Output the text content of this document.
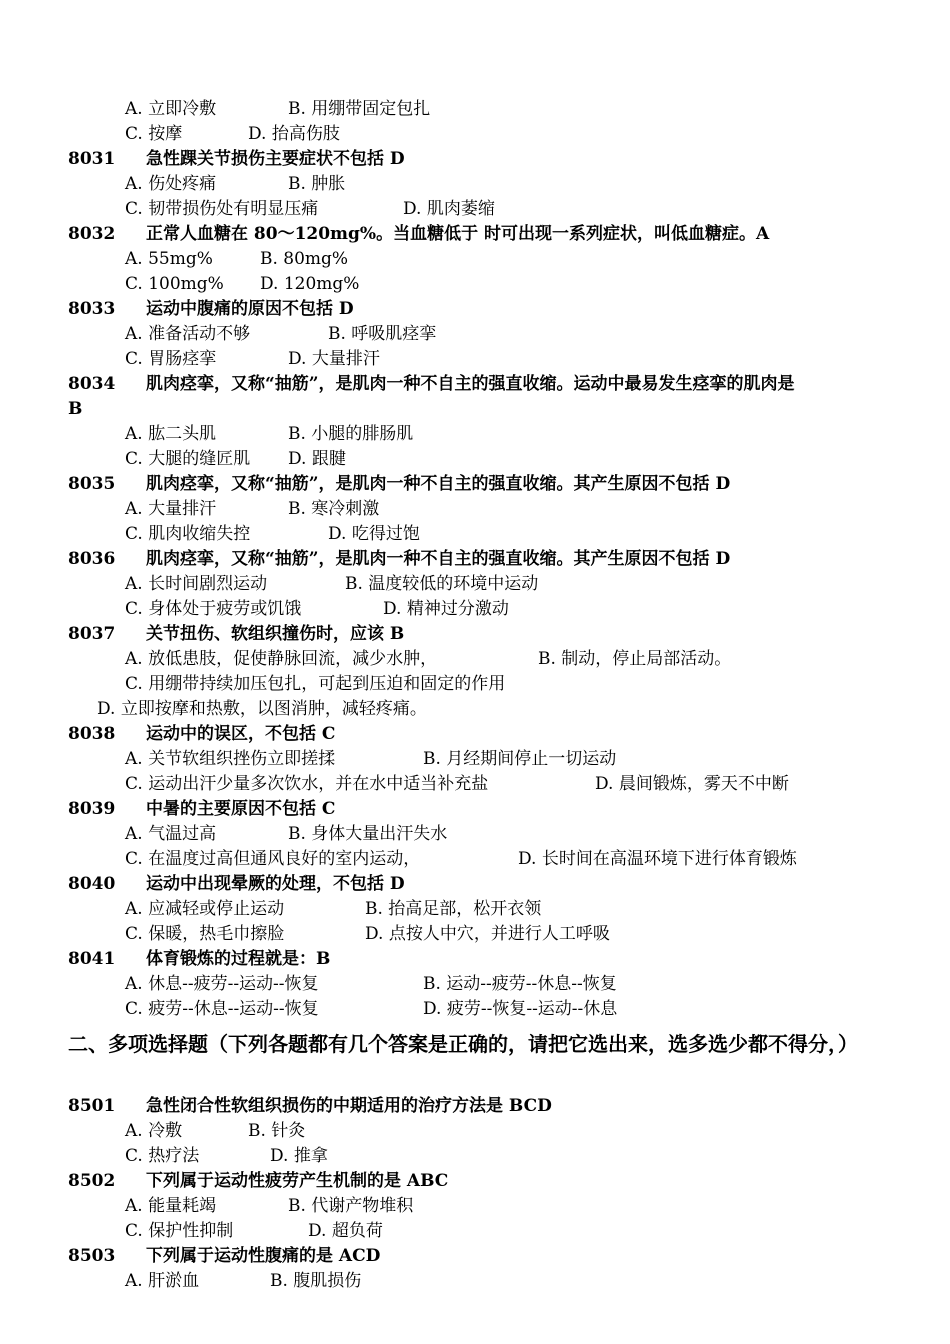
A. 立即冷敷	B. 用绷带固定包扎
C. 按摩	D. 抬高伤肢
8031 急性踝关节损伤主要症状不包括 D
A. 伤处疼痛	B. 肿胀
C. 韧带损伤处有明显压痛	D. 肌肉萎缩
8032 正常人血糖在 80～120mg%。当血糖低于 时可出现一系列症状，叫低血糖症。A
A. 55mg%	B. 80mg%
C. 100mg% D. 120mg%
8033 运动中腹痛的原因不包括 D
A. 准备活动不够	B. 呼吸肌痉挛
C. 胃肠痉挛	D. 大量排汗
8034 肌肉痉挛，又称“抽筋”，是肌肉一种不自主的强直收缩。运动中最易发生痉挛的肌肉是
B
A. 肱二头肌	B. 小腿的腓肠肌
C. 大腿的缝匠肌 D. 跟腱
8035 肌肉痉挛，又称“抽筋”，是肌肉一种不自主的强直收缩。其产生原因不包括 D
A. 大量排汗	B. 寒冷刺激
C. 肌肉收缩失控	D. 吃得过饱
8036 肌肉痉挛，又称“抽筋”，是肌肉一种不自主的强直收缩。其产生原因不包括 D
A. 长时间剧烈运动	B. 温度较低的环境中运动
C. 身体处于疲劳或饥饿	D. 精神过分激动
8037 关节扭伤、软组织撞伤时，应该 B
A. 放低患肢，促使静脉回流，减少水肿，	B. 制动，停止局部活动。
C. 用绷带持续加压包扎，可起到压迫和固定的作用
D. 立即按摩和热敷，以图消肿，减轻疼痛。
8038 运动中的误区，不包括 C
A. 关节软组织挫伤立即搓揉	B. 月经期间停止一切运动
C. 运动出汗少量多次饮水，并在水中适当补充盐	D. 晨间锻炼，雾天不中断
8039 中暑的主要原因不包括 C
A. 气温过高	B. 身体大量出汗失水
C. 在温度过高但通风良好的室内运动，	D. 长时间在高温环境下进行体育锻炼
8040 运动中出现晕厥的处理，不包括 D
A. 应减轻或停止运动	B. 抬高足部，松开衣领
C. 保暖，热毛巾擦脸	D. 点按人中穴，并进行人工呼吸
8041 体育锻炼的过程就是：B
A. 休息--疲劳--运动--恢复	B. 运动--疲劳--休息--恢复
C. 疲劳--休息--运动--恢复	D. 疲劳--恢复--运动--休息
二、多项选择题（下列各题都有几个答案是正确的，请把它选出来，选多选少都不得分，）
8501 急性闭合性软组织损伤的中期适用的治疗方法是 BCD
A. 冷敷	B. 针灸
C. 热疗法	D. 推拿
8502 下列属于运动性疲劳产生机制的是 ABC
A. 能量耗竭	B. 代谢产物堆积
C. 保护性抑制	D. 超负荷
8503 下列属于运动性腹痛的是 ACD
A. 肝淤血	B. 腹肌损伤
